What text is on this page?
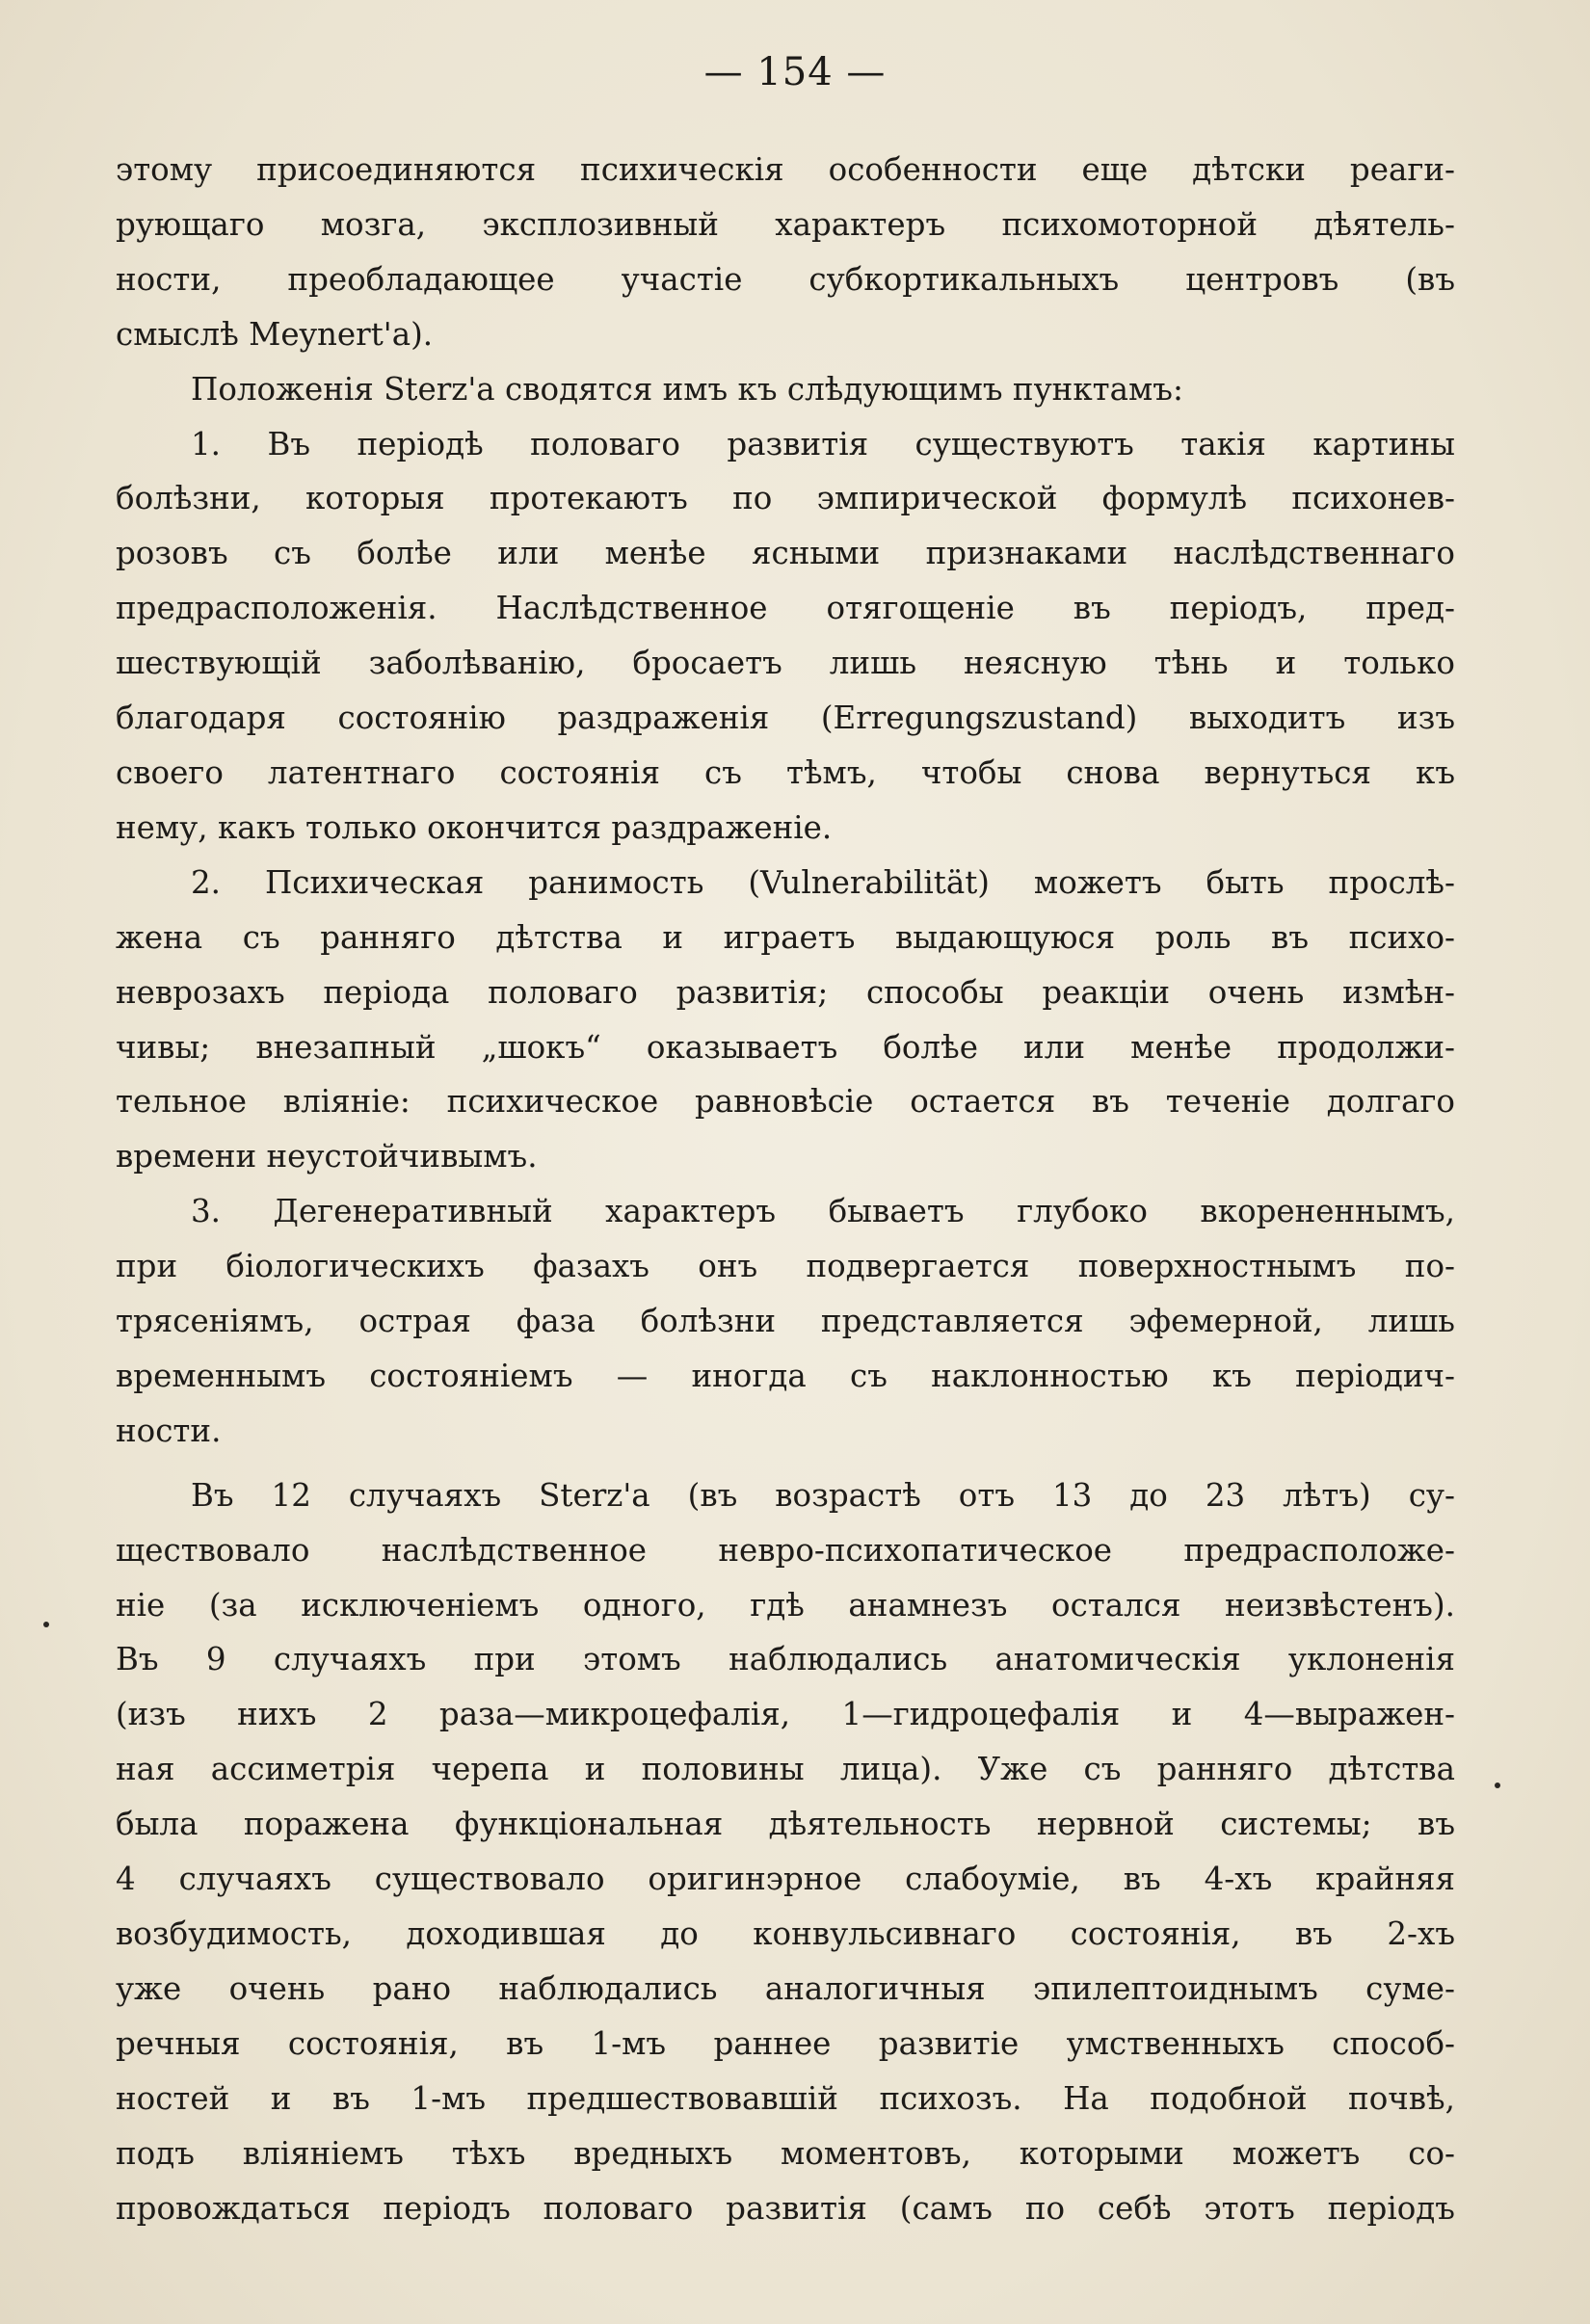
— 154 —

этому присоединяются психическія особенности еще дѣтски реаги-

рующаго мозга, эксплозивный характеръ психомоторной дѣятель-

ности, преобладающее участіе субкортикальныхъ центровъ (въ

смыслѣ Meynert'a).

Положенія Sterz'a сводятся имъ къ слѣдующимъ пунктамъ:

1. Въ періодѣ половаго развитія существуютъ такія картины

болѣзни, которыя протекаютъ по эмпирической формулѣ психонев-

розовъ съ болѣе или менѣе ясными признаками наслѣдственнаго

предрасположенія. Наслѣдственное отягощеніе въ періодъ, пред-

шествующій заболѣванію, бросаетъ лишь неясную тѣнь и только

благодаря состоянію раздраженія (Erregungszustand) выходитъ изъ

своего латентнаго состоянія съ тѣмъ, чтобы снова вернуться къ

нему, какъ только окончится раздраженіе.

2. Психическая ранимость (Vulnerabilität) можетъ быть прослѣ-

жена съ ранняго дѣтства и играетъ выдающуюся роль въ психо-

неврозахъ періода половаго развитія; способы реакціи очень измѣн-

чивы; внезапный „шокъ“ оказываетъ болѣе или менѣе продолжи-

тельное вліяніе: психическое равновѣсіе остается въ теченіе долгаго

времени неустойчивымъ.

3. Дегенеративный характеръ бываетъ глубоко вкорененнымъ,

при біологическихъ фазахъ онъ подвергается поверхностнымъ по-

трясеніямъ, острая фаза болѣзни представляется эфемерной, лишь

временнымъ состояніемъ — иногда съ наклонностью къ періодич-

ности.

Въ 12 случаяхъ Sterz'a (въ возрастѣ отъ 13 до 23 лѣтъ) су-

ществовало наслѣдственное невро-психопатическое предрасположе-

ніе (за исключеніемъ одного, гдѣ анамнезъ остался неизвѣстенъ).

Въ 9 случаяхъ при этомъ наблюдались анатомическія уклоненія

(изъ нихъ 2 раза—микроцефалія, 1—гидроцефалія и 4—выражен-

ная ассиметрія черепа и половины лица). Уже съ ранняго дѣтства

была поражена функціональная дѣятельность нервной системы; въ

4 случаяхъ существовало оригинэрное слабоуміе, въ 4-хъ крайняя

возбудимость, доходившая до конвульсивнаго состоянія, въ 2-хъ

уже очень рано наблюдались аналогичныя эпилептоиднымъ суме-

речныя состоянія, въ 1-мъ раннее развитіе умственныхъ способ-

ностей и въ 1-мъ предшествовавшій психозъ. На подобной почвѣ,

подъ вліяніемъ тѣхъ вредныхъ моментовъ, которыми можетъ со-

провождаться періодъ половаго развитія (самъ по себѣ этотъ періодъ
